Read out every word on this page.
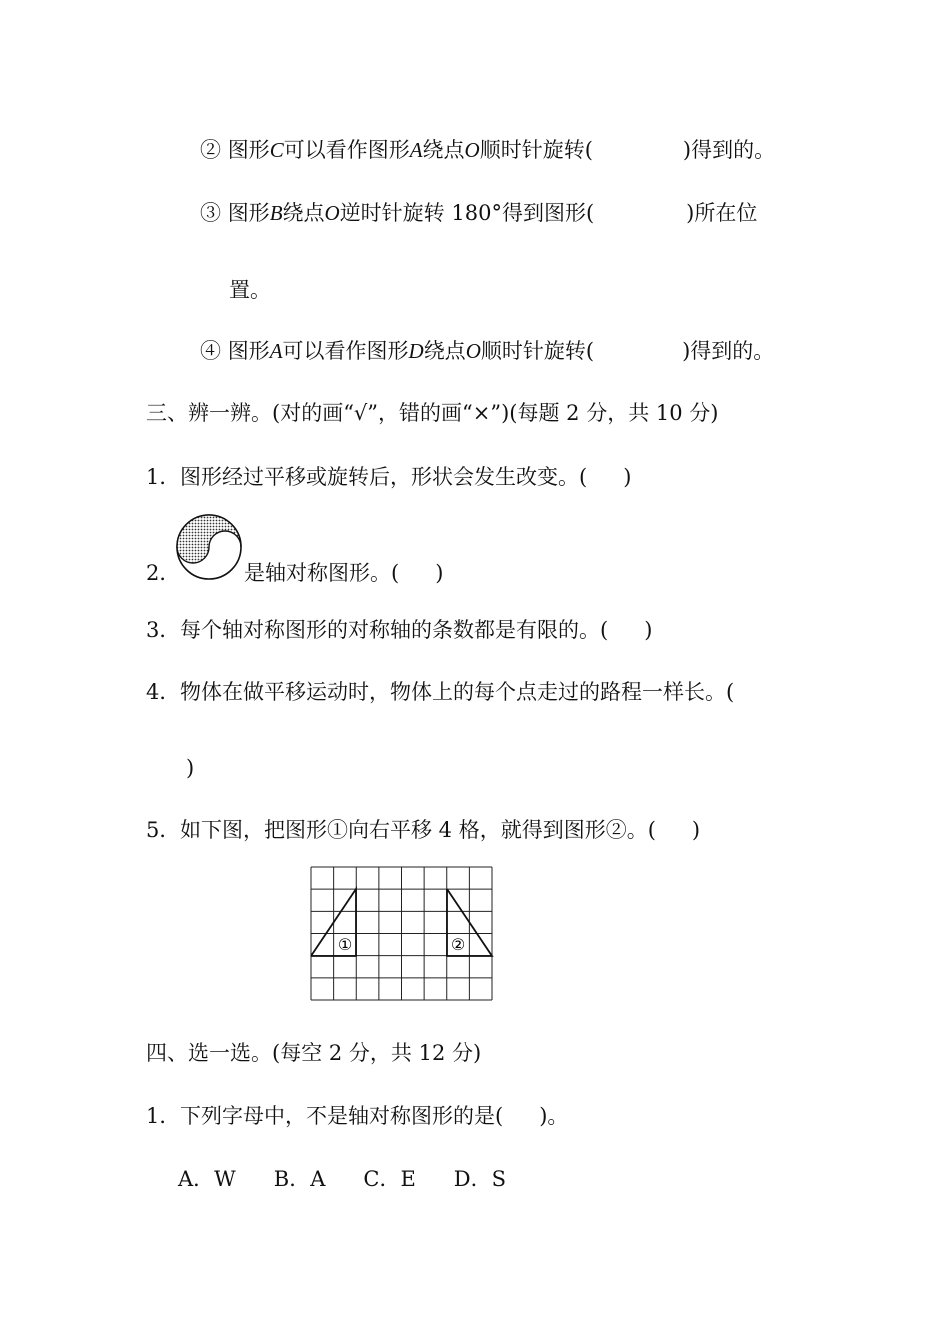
② 图形C可以看作图形A绕点O顺时针旋转(	)得到的。
③ 图形B绕点O逆时针旋转 180°得到图形(	)所在位
置。
④ 图形A可以看作图形D绕点O顺时针旋转(	)得到的。
三、辨一辨。(对的画“√”，错的画“×”)(每题 2 分，共 10 分)
1．图形经过平移或旋转后，形状会发生改变。( )
2．	是轴对称图形。( )
3．每个轴对称图形的对称轴的条数都是有限的。( )
4．物体在做平移运动时，物体上的每个点走过的路程一样长。(
)
5．如下图，把图形①向右平移 4 格，就得到图形②。( )
①	②
四、选一选。(每空 2 分，共 12 分)
1．下列字母中，不是轴对称图形的是( )。
A．W B．A C．E D．S
